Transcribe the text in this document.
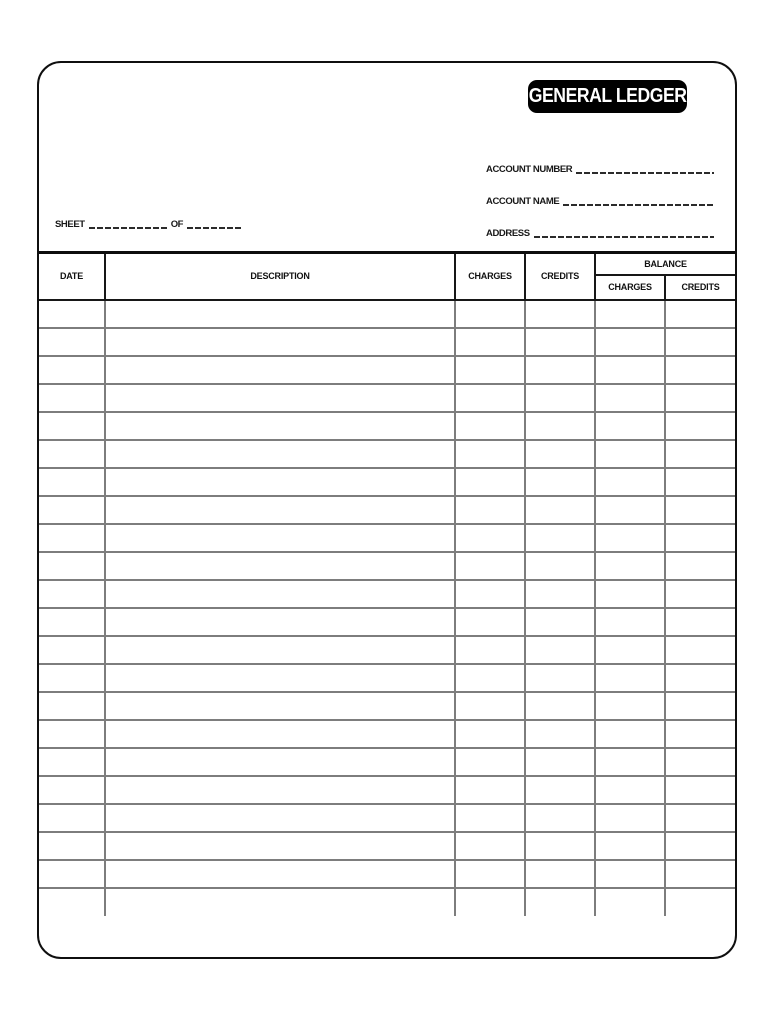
GENERAL LEDGER
ACCOUNT NUMBER
ACCOUNT NAME
ADDRESS
SHEET	OF
DATE	DESCRIPTION	CHARGES	CREDITS	BALANCE	
				CHARGES	CREDITS
